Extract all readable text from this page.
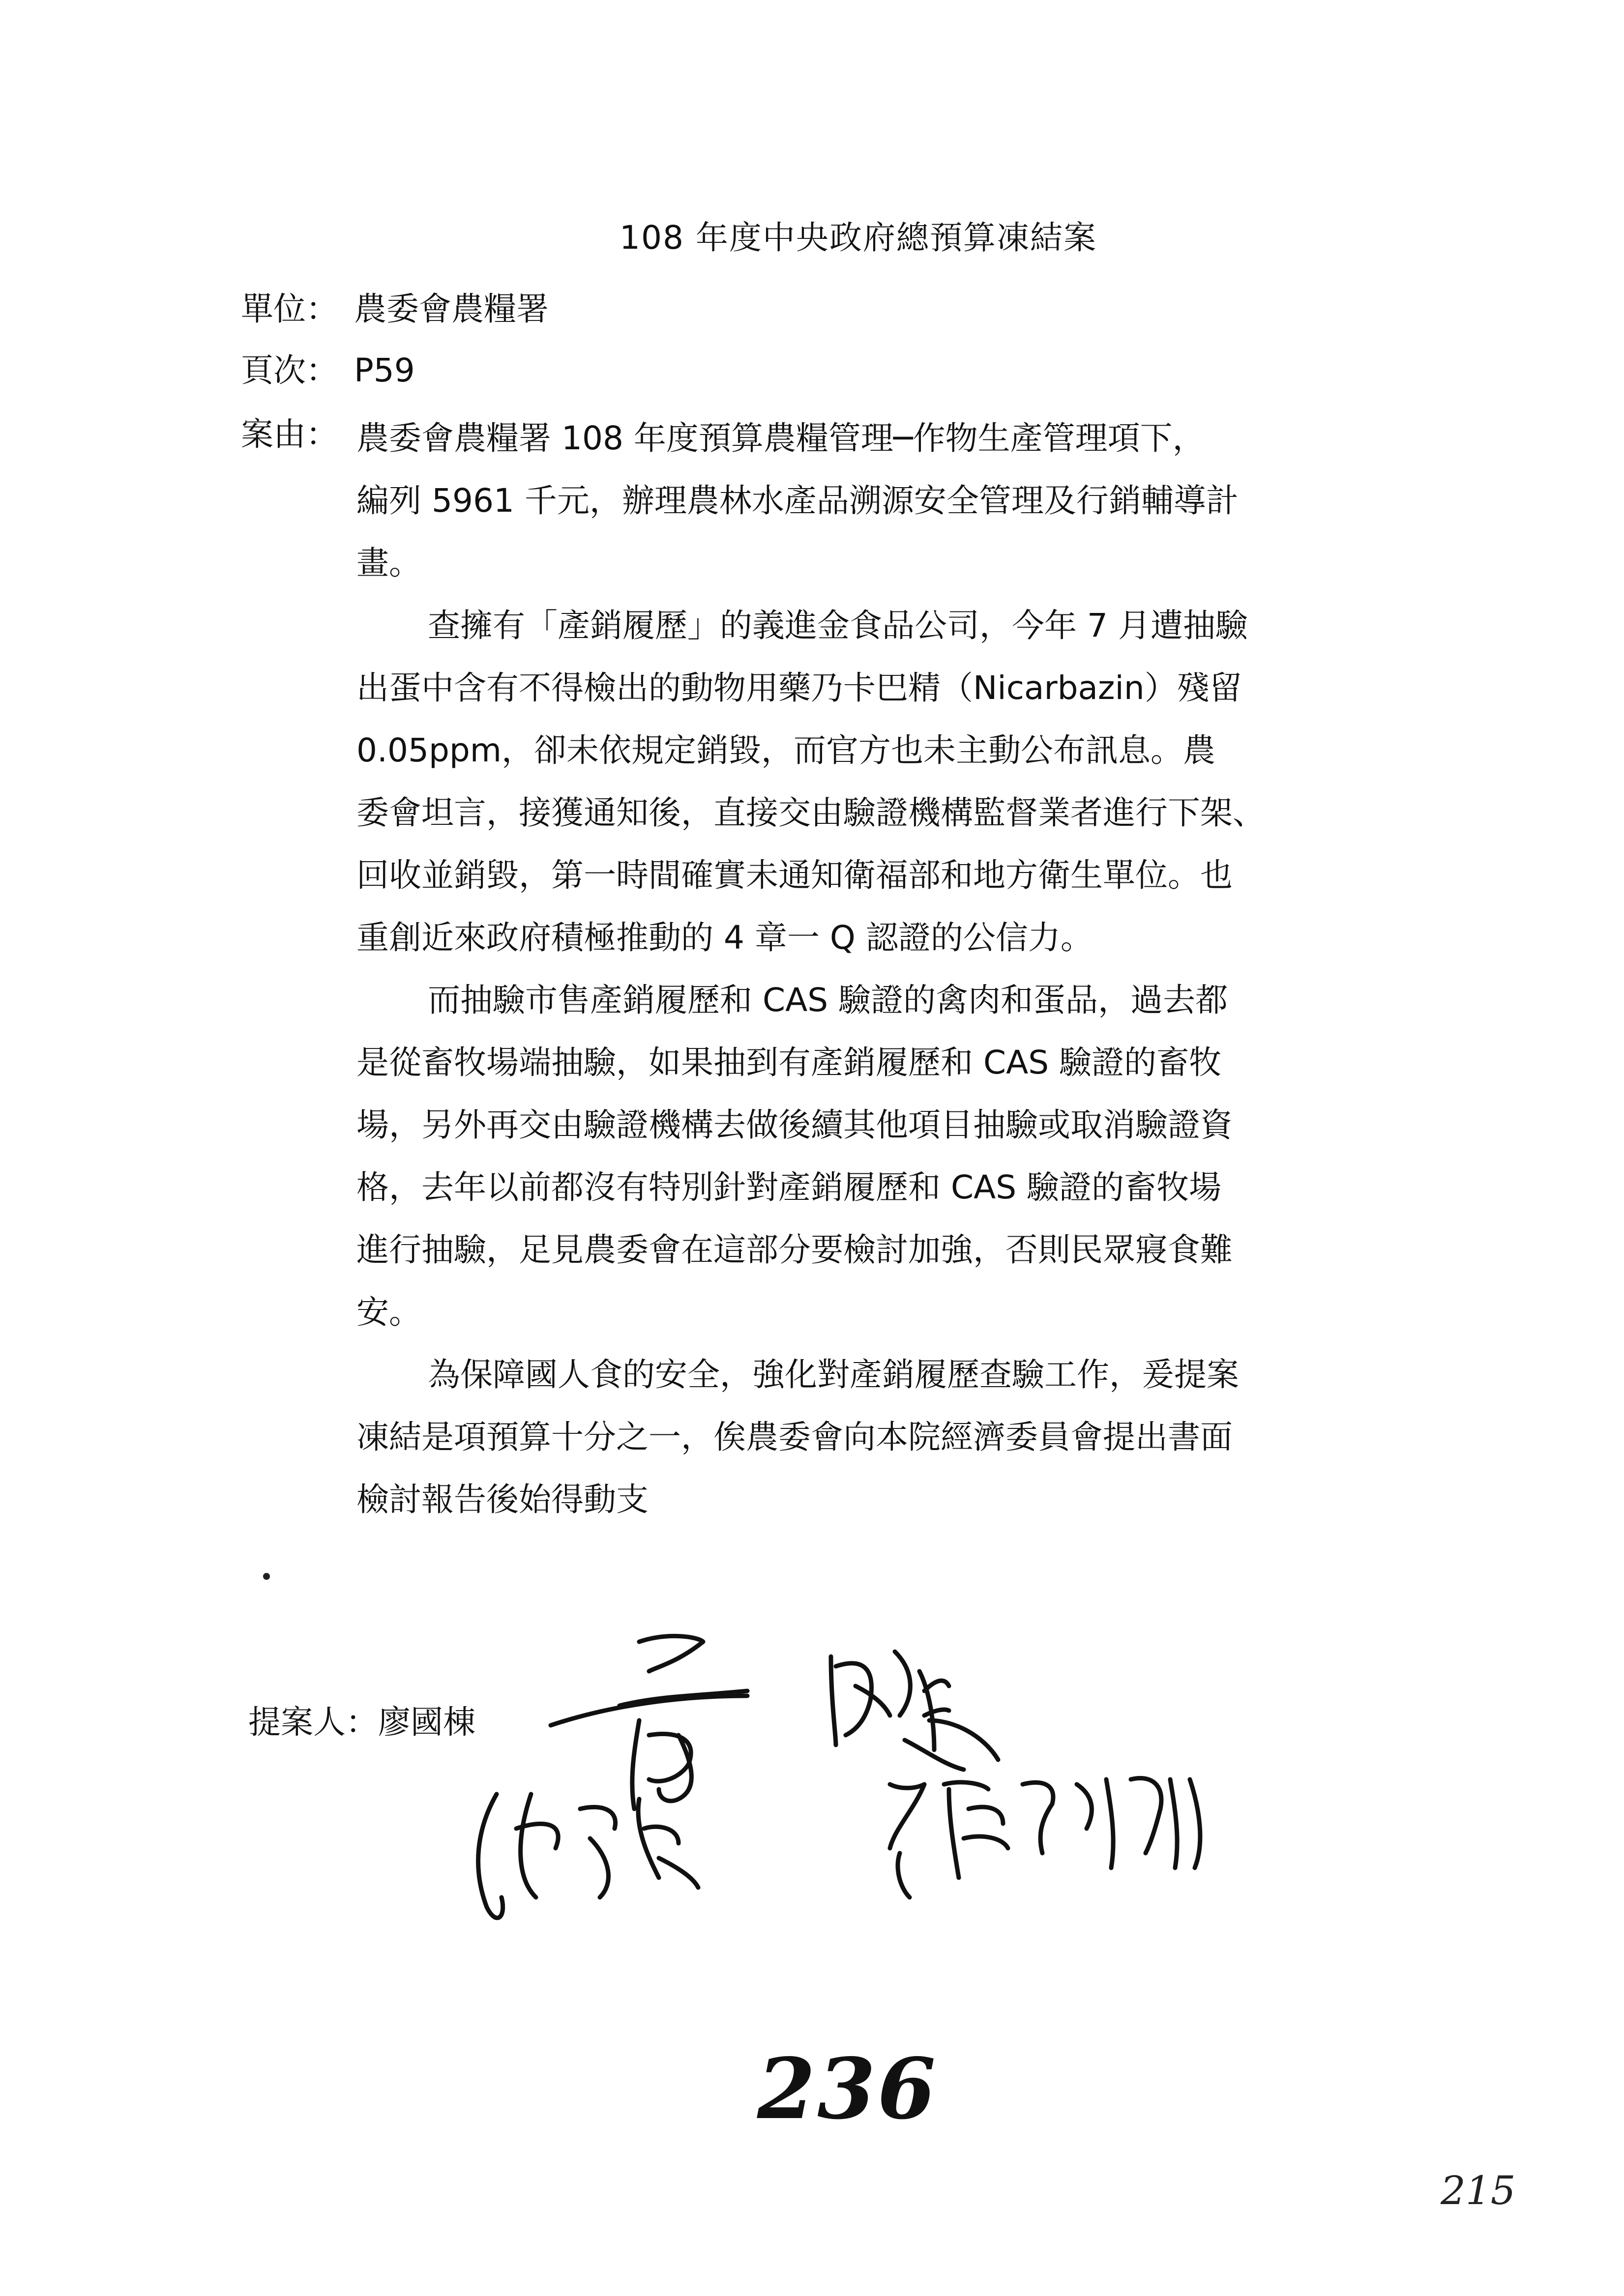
108 年度中央政府總預算凍結案
單位： 農委會農糧署
頁次： P59
案由： 農委會農糧署 108 年度預算農糧管理─作物生產管理項下，
編列 5961 千元，辦理農林水產品溯源安全管理及行銷輔導計
畫。

查擁有「產銷履歷」的義進金食品公司，今年 7 月遭抽驗
出蛋中含有不得檢出的動物用藥乃卡巴精（Nicarbazin）殘留
0.05ppm，卻未依規定銷毀，而官方也未主動公布訊息。農
委會坦言，接獲通知後，直接交由驗證機構監督業者進行下架、
回收並銷毀，第一時間確實未通知衛福部和地方衛生單位。也
重創近來政府積極推動的 4 章一 Q 認證的公信力。

而抽驗市售產銷履歷和 CAS 驗證的禽肉和蛋品，過去都
是從畜牧場端抽驗，如果抽到有產銷履歷和 CAS 驗證的畜牧
場，另外再交由驗證機構去做後續其他項目抽驗或取消驗證資
格，去年以前都沒有特別針對產銷履歷和 CAS 驗證的畜牧場
進行抽驗，足見農委會在這部分要檢討加強，否則民眾寢食難
安。

為保障國人食的安全，強化對產銷履歷查驗工作，爰提案
凍結是項預算十分之一，俟農委會向本院經濟委員會提出書面
檢討報告後始得動支

提案人：廖國棟
236
215
